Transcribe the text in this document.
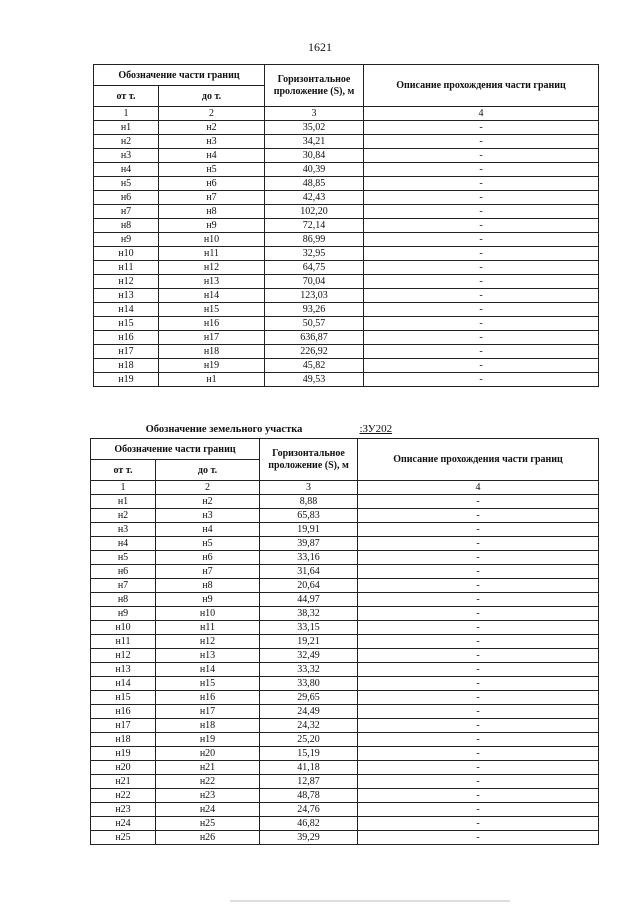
1621
Обозначение части границ		Горизонтальное проложение (S), м	Описание прохождения части границ
от т.	до т.		
1	2	3	4
н1	н2	35,02	-
н2	н3	34,21	-
н3	н4	30,84	-
н4	н5	40,39	-
н5	н6	48,85	-
н6	н7	42,43	-
н7	н8	102,20	-
н8	н9	72,14	-
н9	н10	86,99	-
н10	н11	32,95	-
н11	н12	64,75	-
н12	н13	70,04	-
н13	н14	123,03	-
н14	н15	93,26	-
н15	н16	50,57	-
н16	н17	636,87	-
н17	н18	226,92	-
н18	н19	45,82	-
н19	н1	49,53	-
Обозначение земельного участка			:ЗУ202
Обозначение части границ		Горизонтальное проложение (S), м	Описание прохождения части границ
от т.	до т.		
1	2	3	4
н1	н2	8,88	-
н2	н3	65,83	-
н3	н4	19,91	-
н4	н5	39,87	-
н5	н6	33,16	-
н6	н7	31,64	-
н7	н8	20,64	-
н8	н9	44,97	-
н9	н10	38,32	-
н10	н11	33,15	-
н11	н12	19,21	-
н12	н13	32,49	-
н13	н14	33,32	-
н14	н15	33,80	-
н15	н16	29,65	-
н16	н17	24,49	-
н17	н18	24,32	-
н18	н19	25,20	-
н19	н20	15,19	-
н20	н21	41,18	-
н21	н22	12,87	-
н22	н23	48,78	-
н23	н24	24,76	-
н24	н25	46,82	-
н25	н26	39,29	-
